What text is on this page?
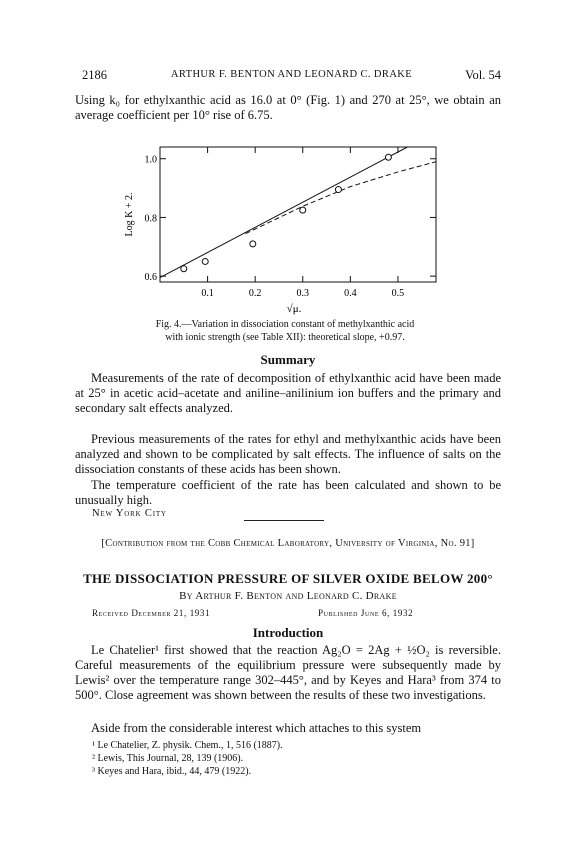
2186	ARTHUR F. BENTON AND LEONARD C. DRAKE	Vol. 54
Using k₀ for ethylxanthic acid as 16.0 at 0° (Fig. 1) and 270 at 25°, we obtain an average coefficient per 10° rise of 6.75.
0.1	0.2	0.3	0.4	0.5
0.6
0.8
1.0
Log K + 2.
√μ.
Fig. 4.—Variation in dissociation constant of methylxanthic acid
with ionic strength (see Table XII): theoretical slope, +0.97.
Summary
Measurements of the rate of decomposition of ethylxanthic acid have been made at 25° in acetic acid–acetate and aniline–anilinium ion buffers and the primary and secondary salt effects analyzed.
Previous measurements of the rates for ethyl and methylxanthic acids have been analyzed and shown to be complicated by salt effects. The influence of salts on the dissociation constants of these acids has been shown.
The temperature coefficient of the rate has been calculated and shown to be unusually high.
New York City
[Contribution from the Cobb Chemical Laboratory, University of Virginia, No. 91]
THE DISSOCIATION PRESSURE OF SILVER OXIDE BELOW 200°
By Arthur F. Benton and Leonard C. Drake
Received December 21, 1931	Published June 6, 1932
Introduction
Le Chatelier¹ first showed that the reaction Ag₂O = 2Ag + ½O₂ is reversible. Careful measurements of the equilibrium pressure were subsequently made by Lewis² over the temperature range 302–445°, and by Keyes and Hara³ from 374 to 500°. Close agreement was shown between the results of these two investigations.
Aside from the considerable interest which attaches to this system
¹ Le Chatelier, Z. physik. Chem., 1, 516 (1887).
² Lewis, This Journal, 28, 139 (1906).
³ Keyes and Hara, ibid., 44, 479 (1922).
